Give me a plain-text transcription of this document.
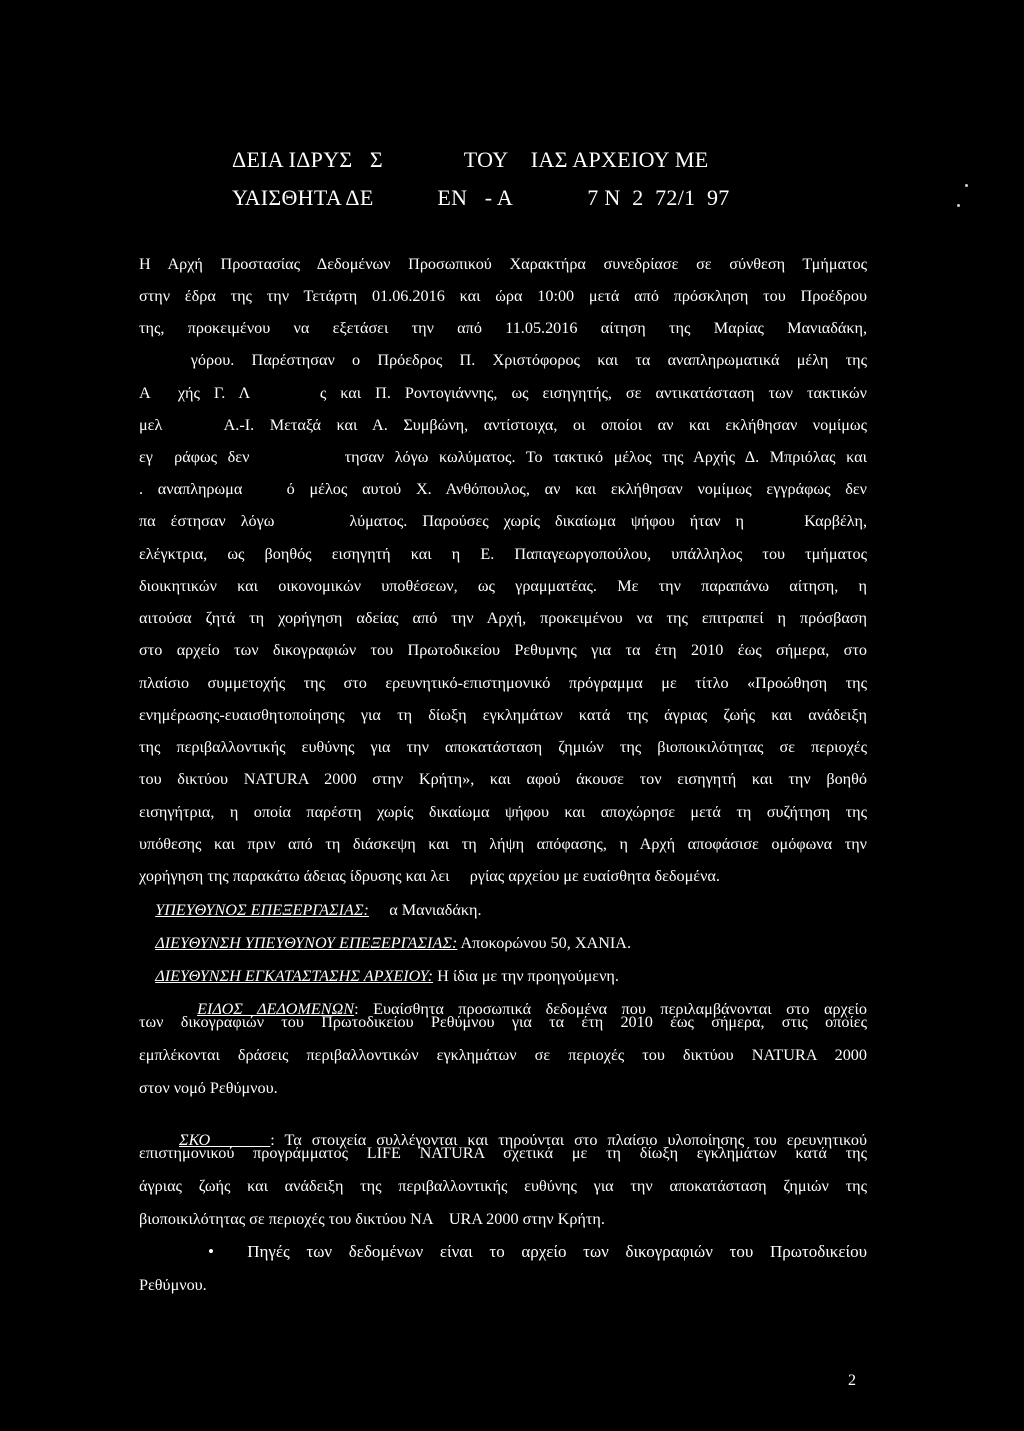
ΔΕΙΑ ΙΔΡΥΣ   Σ              ΤΟΥ    ΙΑΣ ΑΡΧΕΙΟΥ ΜΕ
ΥΑΙΣΘΗΤΑ ΔΕ           ΕΝ   - Α             7 Ν  2  72/1  97
Η Αρχή Προστασίας Δεδομένων Προσωπικού Χαρακτήρα συνεδρίασε σε σύνθεση Τμήματος
στην έδρα της την Τετάρτη 01.06.2016 και ώρα 10:00 μετά από πρόσκληση του Προέδρου
της, προκειμένου να εξετάσει την από 11.05.2016 αίτηση της Μαρίας Μανιαδάκη,
γόρου. Παρέστησαν ο Πρόεδρος Π. Χριστόφορος και τα αναπληρωματικά μέλη της
Α  χής Γ. Λ     ς και Π. Ροντογιάννης, ως εισηγητής, σε αντικατάσταση των τακτικών
μελ    Α.-Ι. Μεταξά και Α. Συμβώνη, αντίστοιχα, οι οποίοι αν και εκλήθησαν νομίμως
εγ  ράφως δεν         τησαν λόγω κωλύματος. Το τακτικό μέλος της Αρχής Δ. Μπριόλας και
. αναπληρωμα   ό μέλος αυτού Χ. Ανθόπουλος, αν και εκλήθησαν νομίμως εγγράφως δεν
πα έστησαν λόγω     λύματος. Παρούσες χωρίς δικαίωμα ψήφου ήταν η    Καρβέλη,
ελέγκτρια, ως βοηθός εισηγητή και η Ε. Παπαγεωργοπούλου, υπάλληλος του τμήματος
διοικητικών και οικονομικών υποθέσεων, ως γραμματέας. Με την παραπάνω αίτηση, η
αιτούσα ζητά τη χορήγηση αδείας από την Αρχή, προκειμένου να της επιτραπεί η πρόσβαση
στο αρχείο των δικογραφιών του Πρωτοδικείου Ρεθυμνης για τα έτη 2010 έως σήμερα, στο
πλαίσιο συμμετοχής της στο ερευνητικό-επιστημονικό πρόγραμμα με τίτλο «Προώθηση της
ενημέρωσης-ευαισθητοποίησης για τη δίωξη εγκλημάτων κατά της άγριας ζωής και ανάδειξη
της περιβαλλοντικής ευθύνης για την αποκατάσταση ζημιών της βιοποικιλότητας σε περιοχές
του δικτύου NATURA 2000 στην Κρήτη», και αφού άκουσε τον εισηγητή και την βοηθό
εισηγήτρια, η οποία παρέστη χωρίς δικαίωμα ψήφου και αποχώρησε μετά τη συζήτηση της
υπόθεσης και πριν από τη διάσκεψη και τη λήψη απόφασης, η Αρχή αποφάσισε ομόφωνα την
χορήγηση της παρακάτω άδειας ίδρυσης και λει     ργίας αρχείου με ευαίσθητα δεδομένα.

ΥΠΕΥΘΥΝΟΣ ΕΠΕΞΕΡΓΑΣΙΑΣ:     α Μανιαδάκη.

ΔΙΕΥΘΥΝΣΗ ΥΠΕΥΘΥΝΟΥ ΕΠΕΞΕΡΓΑΣΙΑΣ: Αποκορώνου 50, ΧΑΝΙΑ.

ΔΙΕΥΘΥΝΣΗ ΕΓΚΑΤΑΣΤΑΣΗΣ ΑΡΧΕΙΟΥ: Η ίδια με την προηγούμενη.

ΕΙΔΟΣ ΔΕΔΟΜΕΝΩΝ: Ευαίσθητα προσωπικά δεδομένα που περιλαμβάνονται στο αρχείο

των δικογραφιών του Πρωτοδικείου Ρεθύμνου για τα έτη 2010 έως σήμερα, στις οποίες
εμπλέκονται δράσεις περιβαλλοντικών εγκλημάτων σε περιοχές του δικτύου NATURA 2000
στον νομό Ρεθύμνου.

ΣΚΟ      : Τα στοιχεία συλλέγονται και τηρούνται στο πλαίσιο υλοποίησης του ερευνητικού

επιστημονικού προγράμματος LIFE NATURA σχετικά με τη δίωξη εγκλημάτων κατά της
άγριας ζωής και ανάδειξη της περιβαλλοντικής ευθύνης για την αποκατάσταση ζημιών της
βιοποικιλότητας σε περιοχές του δικτύου ΝΑ    URA 2000 στην Κρήτη.
•  Πηγές των δεδομένων είναι το αρχείο των δικογραφιών του Πρωτοδικείου
Ρεθύμνου.
2
